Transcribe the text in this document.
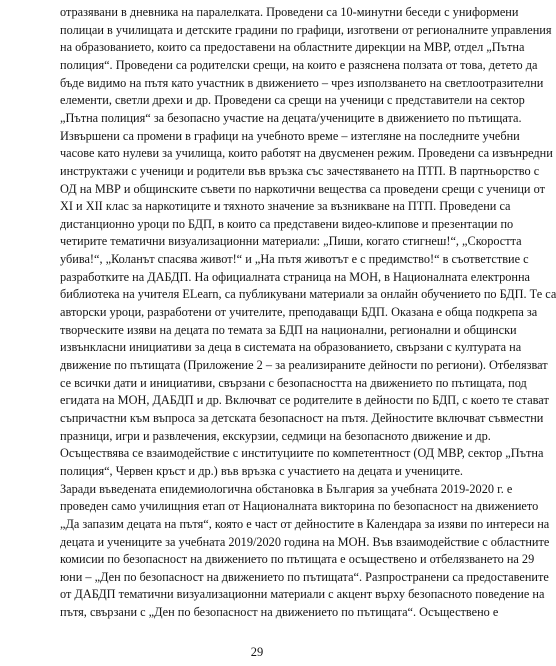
отразявани в дневника на паралелката. Проведени са 10-минутни беседи с униформени
полицаи в училищата и детските градини по графици, изготвени от регионалните управления
на образованието, които са предоставени на областните дирекции на МВР, отдел „Пътна
полиция“. Проведени са родителски срещи, на които е разяснена ползата от това, детето да
бъде видимо на пътя като участник в движението – чрез използването на светлоотразителни
елементи, светли дрехи и др. Проведени са срещи на ученици с представители на сектор
„Пътна полиция“ за безопасно участие на децата/учениците в движението по пътищата.
Извършени са промени в графици на учебното време – изтегляне на последните учебни
часове като нулеви за училища, които работят на двусменен режим. Проведени са извънредни
инструктажи с ученици и родители във връзка със зачестяването на ПТП. В партньорство с
ОД на МВР и общинските съвети по наркотични вещества са проведени срещи с ученици от
XI и XII клас за наркотиците и тяхното значение за възникване на ПТП. Проведени са
дистанционно уроци по БДП, в които са представени видео-клипове и презентации по
четирите тематични визуализационни материали: „Пиши, когато стигнеш!“, „Скоростта
убива!“, „Коланът спасява живот!“ и „На пътя животът е с предимство!“ в съответствие с
разработките на ДАБДП. На официалната страница на МОН, в Националната електронна
библиотека на учителя ELearn, са публикувани материали за онлайн обучението по БДП. Те са
авторски уроци, разработени от учителите, преподаващи БДП. Оказана е обща подкрепа за
творческите изяви на децата по темата за БДП на национални, регионални и общински
извънкласни инициативи за деца в системата на образованието, свързани с културата на
движение по пътищата (Приложение 2 – за реализираните дейности по региони). Отбелязват
се всички дати и инициативи, свързани с безопасността на движението по пътищата, под
егидата на МОН, ДАБДП и др. Включват се родителите в дейности по БДП, с което те стават
съпричастни към въпроса за детската безопасност на пътя. Дейностите включват съвместни
празници, игри и развлечения, екскурзии, седмици на безопасното движение и др.
Осъществява се взаимодействие с институциите по компетентност (ОД МВР, сектор „Пътна
полиция“, Червен кръст и др.) във връзка с участието на децата и учениците.
Заради въведената епидемиологична обстановка в България за учебната 2019-2020 г. е
проведен само училищния етап от Националната викторина по безопасност на движението
„Да запазим децата на пътя“, която е част от дейностите в Календара за изяви по интереси на
децата и учениците за учебната 2019/2020 година на МОН. Във взаимодействие с областните
комисии по безопасност на движението по пътищата е осъществено и отбелязването на 29
юни – „Ден по безопасност на движението по пътищата“. Разпространени са предоставените
от ДАБДП тематични визуализационни материали с акцент върху безопасното поведение на
пътя, свързани с „Ден по безопасност на движението по пътищата“. Осъществено е
29
